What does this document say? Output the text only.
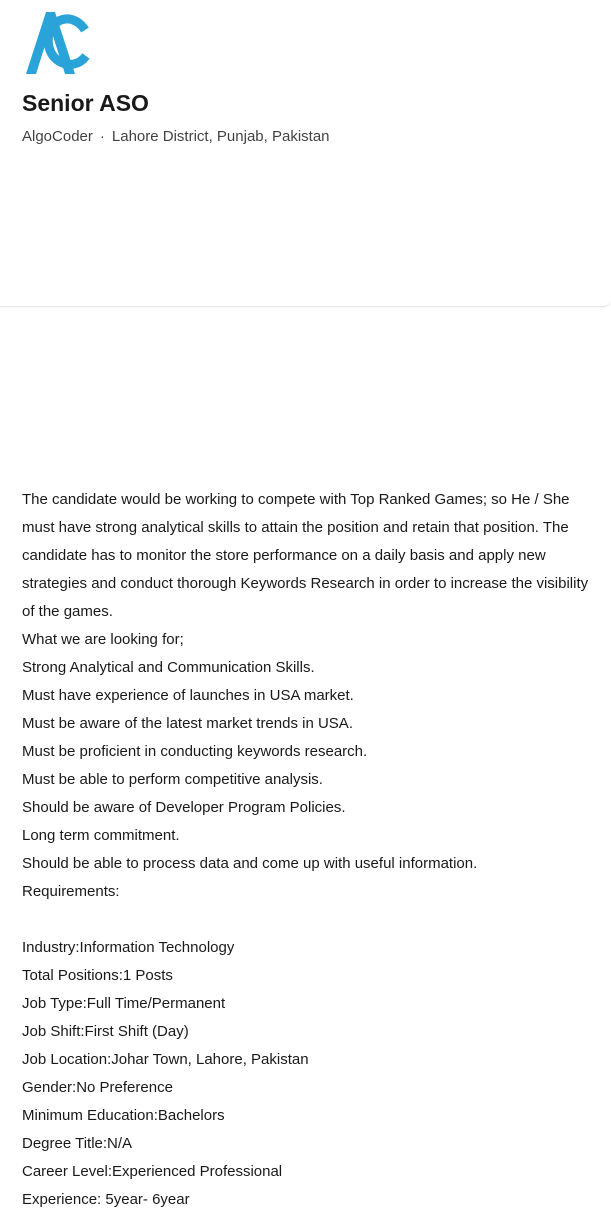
Senior ASO
AlgoCoder · Lahore District, Punjab, Pakistan

The candidate would be working to compete with Top Ranked Games; so He / She must have strong analytical skills to attain the position and retain that position. The candidate has to monitor the store performance on a daily basis and apply new strategies and conduct thorough Keywords Research in order to increase the visibility of the games.

What we are looking for;

Strong Analytical and Communication Skills.

Must have experience of launches in USA market.

Must be aware of the latest market trends in USA.

Must be proficient in conducting keywords research.

Must be able to perform competitive analysis.

Should be aware of Developer Program Policies.

Long term commitment.

Should be able to process data and come up with useful information.

Requirements:

Industry:Information Technology

Total Positions:1 Posts

Job Type:Full Time/Permanent

Job Shift:First Shift (Day)

Job Location:Johar Town, Lahore, Pakistan

Gender:No Preference

Minimum Education:Bachelors

Degree Title:N/A

Career Level:Experienced Professional

Experience: 5year- 6year
